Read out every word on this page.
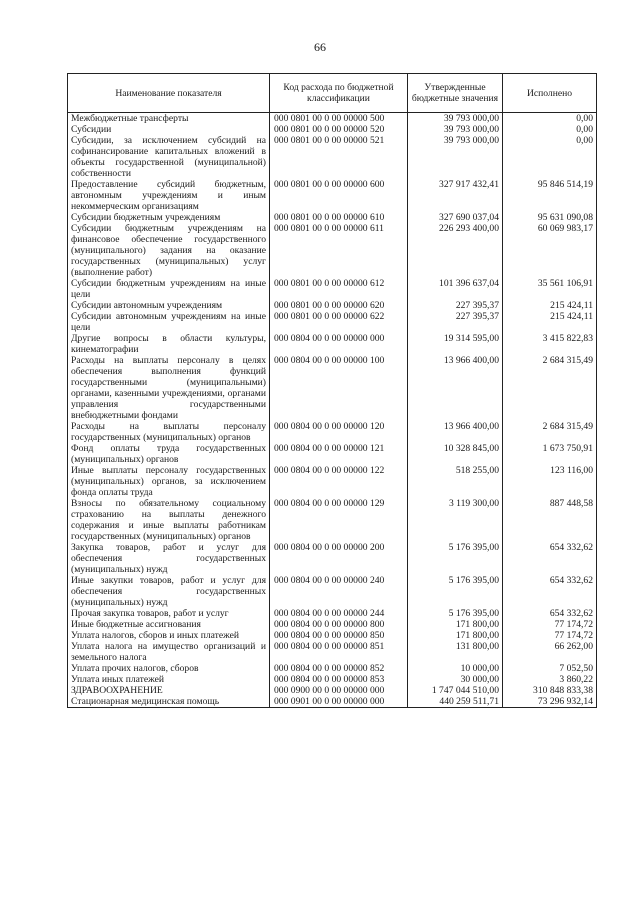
66
Наименование показателя	Код расхода по бюджетной классификации	Утвержденные бюджетные значения	Исполнено
Межбюджетные трансферты	000 0801 00 0 00 00000 500	39 793 000,00	0,00
Субсидии	000 0801 00 0 00 00000 520	39 793 000,00	0,00
Субсидии, за исключением субсидий на софинансирование капитальных вложений в объекты государственной (муниципальной) собственности	000 0801 00 0 00 00000 521	39 793 000,00	0,00
Предоставление субсидий бюджетным, автономным учреждениям и иным некоммерческим организациям	000 0801 00 0 00 00000 600	327 917 432,41	95 846 514,19
Субсидии бюджетным учреждениям	000 0801 00 0 00 00000 610	327 690 037,04	95 631 090,08
Субсидии бюджетным учреждениям на финансовое обеспечение государственного (муниципального) задания на оказание государственных (муниципальных) услуг (выполнение работ)	000 0801 00 0 00 00000 611	226 293 400,00	60 069 983,17
Субсидии бюджетным учреждениям на иные цели	000 0801 00 0 00 00000 612	101 396 637,04	35 561 106,91
Субсидии автономным учреждениям	000 0801 00 0 00 00000 620	227 395,37	215 424,11
Субсидии автономным учреждениям на иные цели	000 0801 00 0 00 00000 622	227 395,37	215 424,11
Другие вопросы в области культуры, кинематографии	000 0804 00 0 00 00000 000	19 314 595,00	3 415 822,83
Расходы на выплаты персоналу в целях обеспечения выполнения функций государственными (муниципальными) органами, казенными учреждениями, органами управления государственными внебюджетными фондами	000 0804 00 0 00 00000 100	13 966 400,00	2 684 315,49
Расходы на выплаты персоналу государственных (муниципальных) органов	000 0804 00 0 00 00000 120	13 966 400,00	2 684 315,49
Фонд оплаты труда государственных (муниципальных) органов	000 0804 00 0 00 00000 121	10 328 845,00	1 673 750,91
Иные выплаты персоналу государственных (муниципальных) органов, за исключением фонда оплаты труда	000 0804 00 0 00 00000 122	518 255,00	123 116,00
Взносы по обязательному социальному страхованию на выплаты денежного содержания и иные выплаты работникам государственных (муниципальных) органов	000 0804 00 0 00 00000 129	3 119 300,00	887 448,58
Закупка товаров, работ и услуг для обеспечения государственных (муниципальных) нужд	000 0804 00 0 00 00000 200	5 176 395,00	654 332,62
Иные закупки товаров, работ и услуг для обеспечения государственных (муниципальных) нужд	000 0804 00 0 00 00000 240	5 176 395,00	654 332,62
Прочая закупка товаров, работ и услуг	000 0804 00 0 00 00000 244	5 176 395,00	654 332,62
Иные бюджетные ассигнования	000 0804 00 0 00 00000 800	171 800,00	77 174,72
Уплата налогов, сборов и иных платежей	000 0804 00 0 00 00000 850	171 800,00	77 174,72
Уплата налога на имущество организаций и земельного налога	000 0804 00 0 00 00000 851	131 800,00	66 262,00
Уплата прочих налогов, сборов	000 0804 00 0 00 00000 852	10 000,00	7 052,50
Уплата иных платежей	000 0804 00 0 00 00000 853	30 000,00	3 860,22
ЗДРАВООХРАНЕНИЕ	000 0900 00 0 00 00000 000	1 747 044 510,00	310 848 833,38
Стационарная медицинская помощь	000 0901 00 0 00 00000 000	440 259 511,71	73 296 932,14
